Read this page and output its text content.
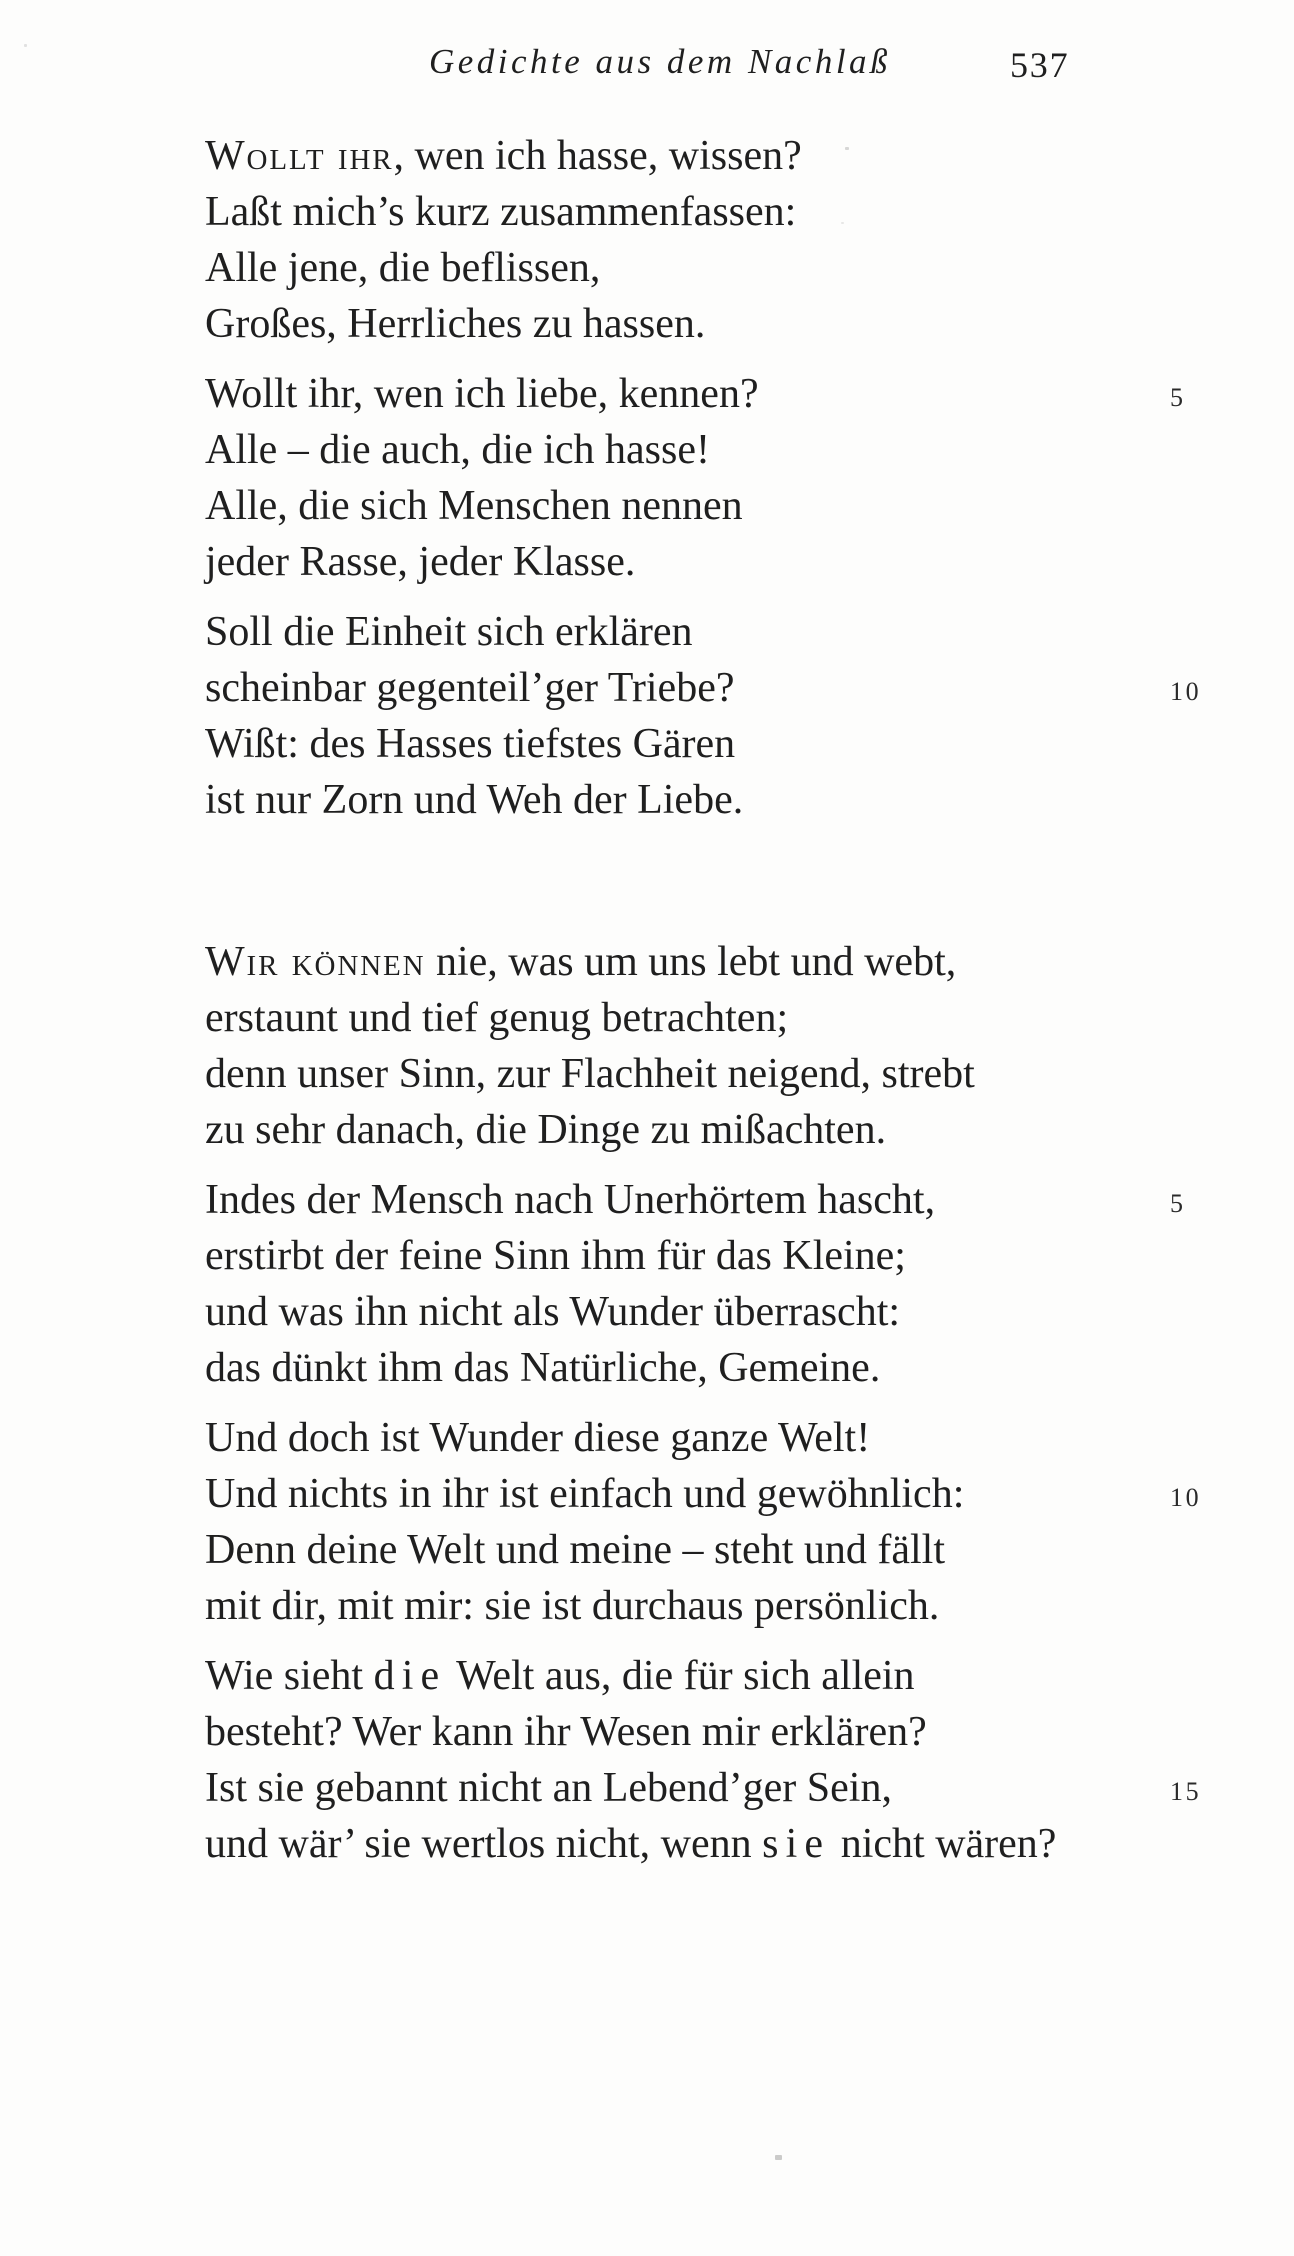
Gedichte aus dem Nachlaß	537
Wollt ihr, wen ich hasse, wissen?
Laßt mich’s kurz zusammenfassen:
Alle jene, die beflissen,
Großes, Herrliches zu hassen.
Wollt ihr, wen ich liebe, kennen?	5
Alle – die auch, die ich hasse!
Alle, die sich Menschen nennen
jeder Rasse, jeder Klasse.
Soll die Einheit sich erklären
scheinbar gegenteil’ger Triebe?	10
Wißt: des Hasses tiefstes Gären
ist nur Zorn und Weh der Liebe.
Wir können nie, was um uns lebt und webt,
erstaunt und tief genug betrachten;
denn unser Sinn, zur Flachheit neigend, strebt
zu sehr danach, die Dinge zu mißachten.
Indes der Mensch nach Unerhörtem hascht,	5
erstirbt der feine Sinn ihm für das Kleine;
und was ihn nicht als Wunder überrascht:
das dünkt ihm das Natürliche, Gemeine.
Und doch ist Wunder diese ganze Welt!
Und nichts in ihr ist einfach und gewöhnlich:	10
Denn deine Welt und meine – steht und fällt
mit dir, mit mir: sie ist durchaus persönlich.
Wie sieht die Welt aus, die für sich allein
besteht? Wer kann ihr Wesen mir erklären?
Ist sie gebannt nicht an Lebend’ger Sein,	15
und wär’ sie wertlos nicht, wenn sie nicht wären?
